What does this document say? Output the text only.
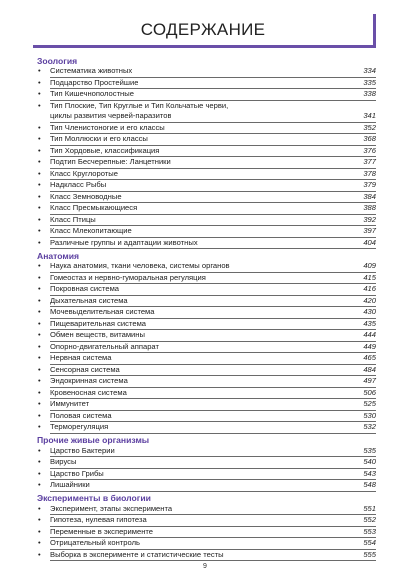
СОДЕРЖАНИЕ
Зоология
•	Систематика животных	334
•	Подцарство Простейшие	335
•	Тип Кишечнополостные	338
•	Тип Плоские, Тип Круглые и Тип Кольчатые черви,
циклы развития червей-паразитов	341
•	Тип Членистоногие и его классы	352
•	Тип Моллюски и его классы	368
•	Тип Хордовые, классификация	376
•	Подтип Бесчерепные: Ланцетники	377
•	Класс Круглоротые	378
•	Надкласс Рыбы	379
•	Класс Земноводные	384
•	Класс Пресмыкающиеся	388
•	Класс Птицы	392
•	Класс Млекопитающие	397
•	Различные группы и адаптации животных	404
Анатомия
•	Наука анатомия, ткани человека, системы органов	409
•	Гомеостаз и нервно-гуморальная регуляция	415
•	Покровная система	416
•	Дыхательная система	420
•	Мочевыделительная система	430
•	Пищеварительная система	435
•	Обмен веществ, витамины	444
•	Опорно-двигательный аппарат	449
•	Нервная система	465
•	Сенсорная система	484
•	Эндокринная система	497
•	Кровеносная система	506
•	Иммунитет	525
•	Половая система	530
•	Терморегуляция	532
Прочие живые организмы
•	Царство Бактерии	535
•	Вирусы	540
•	Царство Грибы	543
•	Лишайники	548
Эксперименты в биологии
•	Эксперимент, этапы эксперимента	551
•	Гипотеза, нулевая гипотеза	552
•	Переменные в эксперименте	553
•	Отрицательный контроль	554
•	Выборка в эксперименте и статистические тесты	555
9
